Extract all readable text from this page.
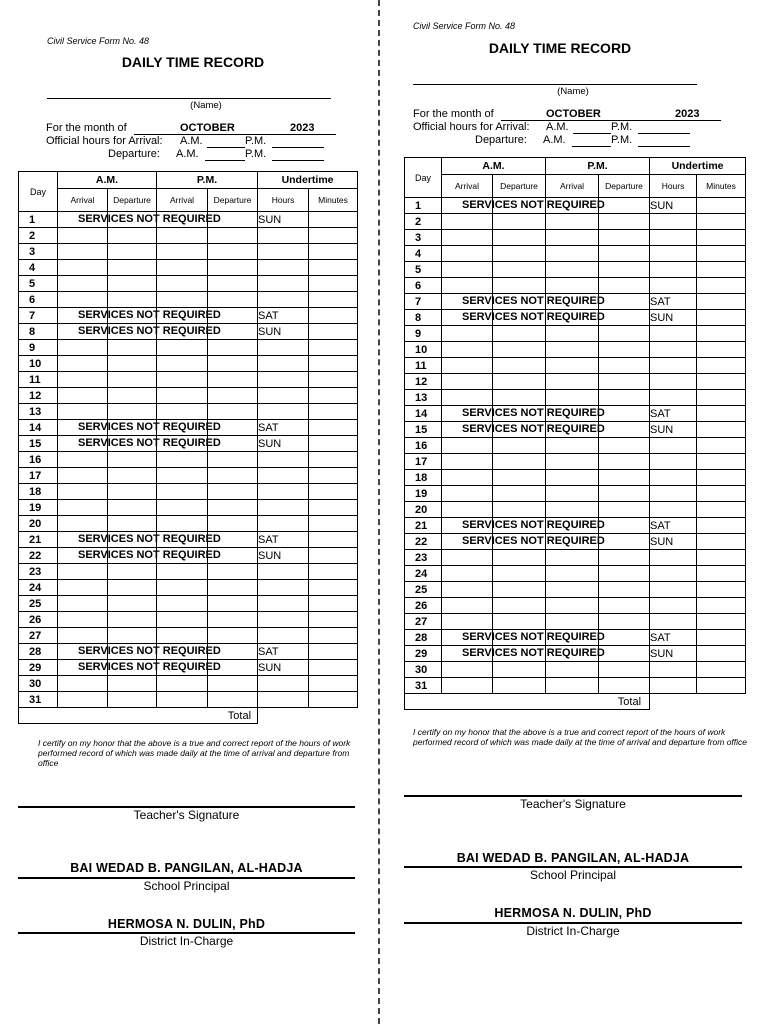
Civil Service Form No. 48
DAILY TIME RECORD
(Name)
For the month of	OCTOBER	2023
Official hours for Arrival: A.M.	P.M.
Departure: A.M.	P.M.
Day	A.M.		P.M.		Undertime	
	Arrival	Departure	Arrival	Departure	Hours	Minutes
1	SERVICES NOT REQUIRED				SUN	
2	

3	

4	

5	

6	

7	SERVICES NOT REQUIRED				SAT	
8	SERVICES NOT REQUIRED				SUN	
9	

10	

11	

12	

13	

14	SERVICES NOT REQUIRED				SAT	
15	SERVICES NOT REQUIRED				SUN	
16	

17	

18	

19	

20	

21	SERVICES NOT REQUIRED				SAT	
22	SERVICES NOT REQUIRED				SUN	
23	

24	

25	

26	

27	

28	SERVICES NOT REQUIRED				SAT	
29	SERVICES NOT REQUIRED				SUN	
30	

31	

Total						
I certify on my honor that the above is a true and correct report of the hours of work performed record of which was made daily at the time of arrival and departure from office
Teacher's Signature
BAI WEDAD B. PANGILAN, AL-HADJA
School Principal
HERMOSA N. DULIN, PhD
District In-Charge
Civil Service Form No. 48
DAILY TIME RECORD
(Name)
For the month of	OCTOBER	2023
Official hours for Arrival: A.M.	P.M.
Departure: A.M.	P.M.
Day	A.M.		P.M.		Undertime	
	Arrival	Departure	Arrival	Departure	Hours	Minutes
1	SERVICES NOT REQUIRED				SUN	
2	

3	

4	

5	

6	

7	SERVICES NOT REQUIRED				SAT	
8	SERVICES NOT REQUIRED				SUN	
9	

10	

11	

12	

13	

14	SERVICES NOT REQUIRED				SAT	
15	SERVICES NOT REQUIRED				SUN	
16	

17	

18	

19	

20	

21	SERVICES NOT REQUIRED				SAT	
22	SERVICES NOT REQUIRED				SUN	
23	

24	

25	

26	

27	

28	SERVICES NOT REQUIRED				SAT	
29	SERVICES NOT REQUIRED				SUN	
30	

31	

Total						
I certify on my honor that the above is a true and correct report of the hours of work performed record of which was made daily at the time of arrival and departure from office
Teacher's Signature
BAI WEDAD B. PANGILAN, AL-HADJA
School Principal
HERMOSA N. DULIN, PhD
District In-Charge
